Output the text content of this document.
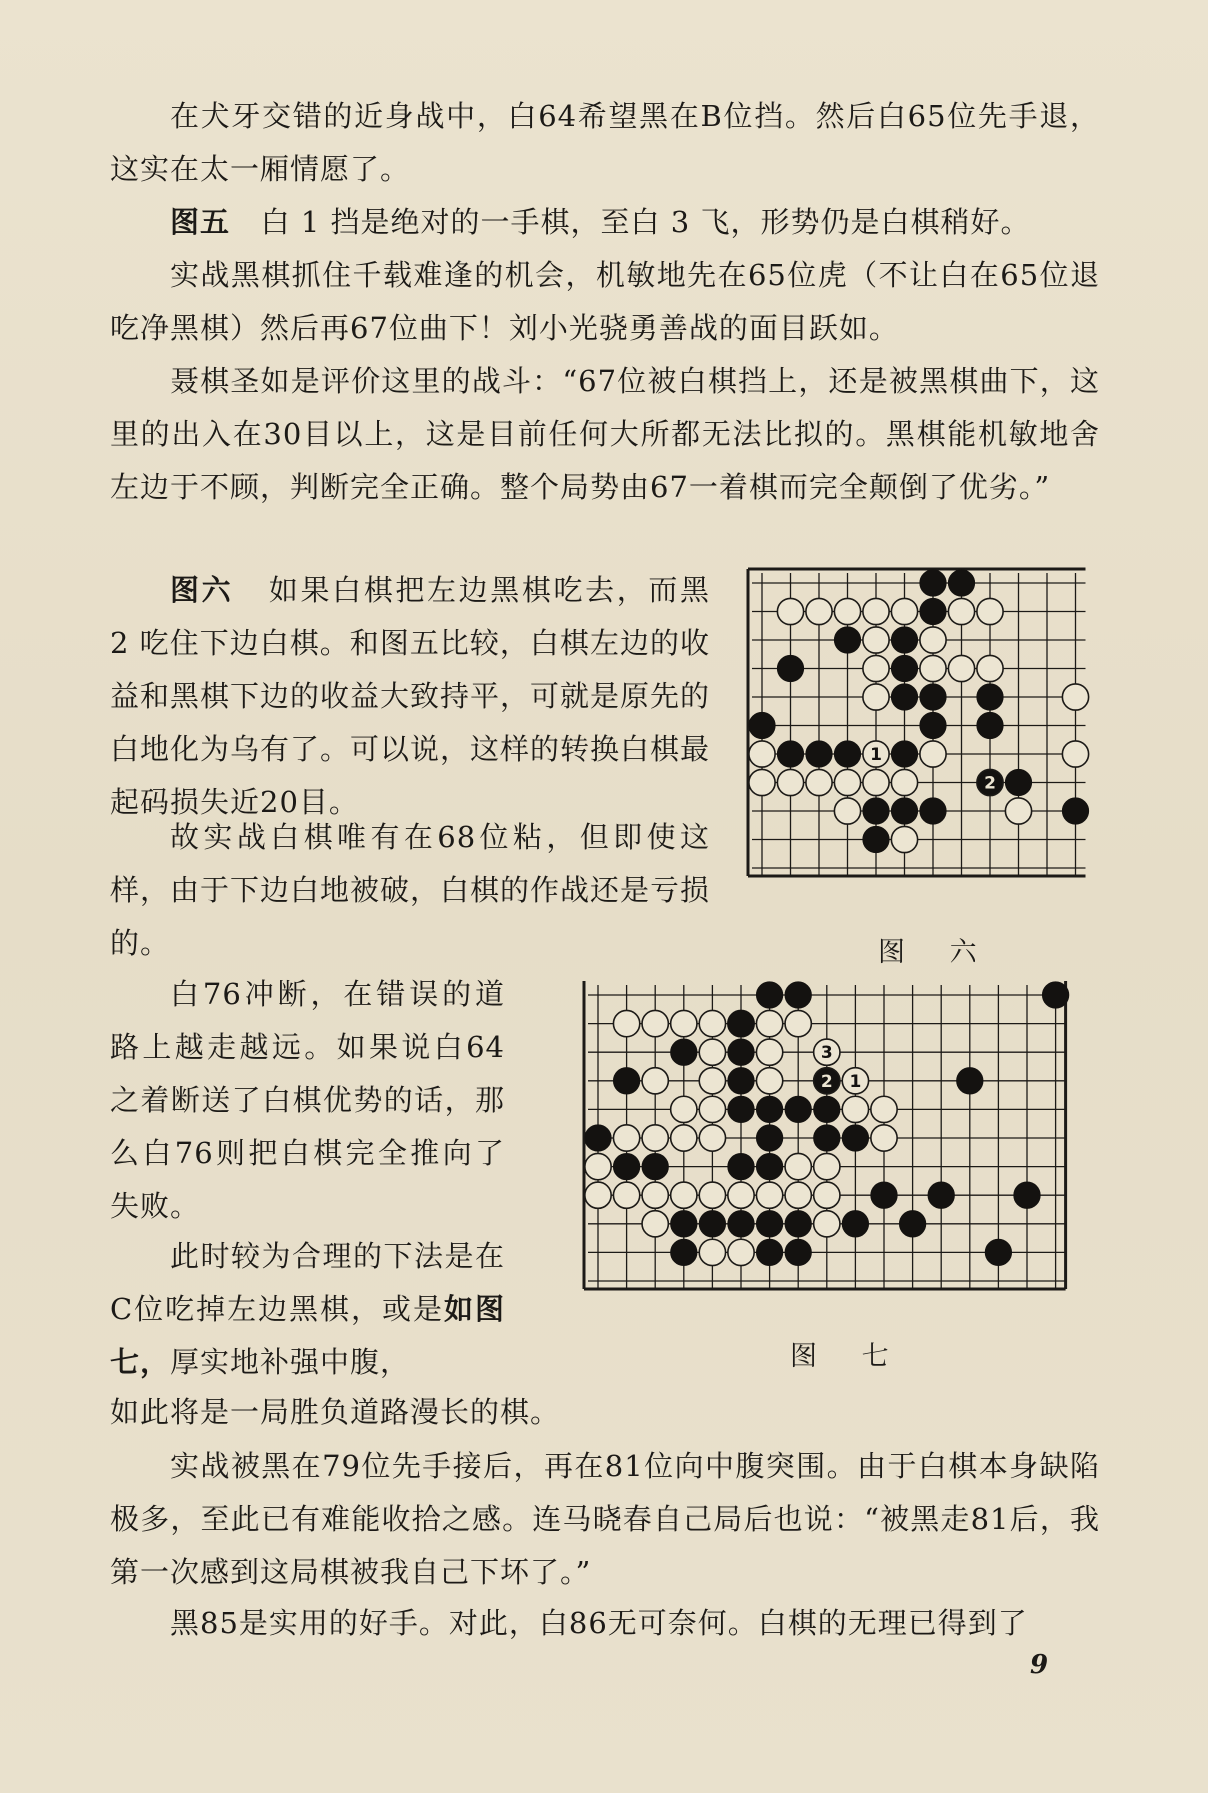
在犬牙交错的近身战中，白64希望黑在B位挡。然后白65位先手退，这实在太一厢情愿了。

图五 白 1 挡是绝对的一手棋，至白 3 飞，形势仍是白棋稍好。

实战黑棋抓住千载难逢的机会，机敏地先在65位虎（不让白在65位退吃净黑棋）然后再67位曲下！刘小光骁勇善战的面目跃如。

聂棋圣如是评价这里的战斗：“67位被白棋挡上，还是被黑棋曲下，这里的出入在30目以上，这是目前任何大所都无法比拟的。黑棋能机敏地舍左边于不顾，判断完全正确。整个局势由67一着棋而完全颠倒了优劣。”

图六 如果白棋把左边黑棋吃去，而黑 2 吃住下边白棋。和图五比较，白棋左边的收益和黑棋下边的收益大致持平，可就是原先的白地化为乌有了。可以说，这样的转换白棋最起码损失近20目。

故实战白棋唯有在68位粘，但即使这样，由于下边白地被破，白棋的作战还是亏损的。

白76冲断，在错误的道路上越走越远。如果说白64之着断送了白棋优势的话，那么白76则把白棋完全推向了失败。

此时较为合理的下法是在C位吃掉左边黑棋，或是如图七，厚实地补强中腹，

如此将是一局胜负道路漫长的棋。

实战被黑在79位先手接后，再在81位向中腹突围。由于白棋本身缺陷极多，至此已有难能收拾之感。连马晓春自己局后也说：“被黑走81后，我第一次感到这局棋被我自己下坏了。”

黑85是实用的好手。对此，白86无可奈何。白棋的无理已得到了

1
2
图 六
3
2 1
图 七
9
